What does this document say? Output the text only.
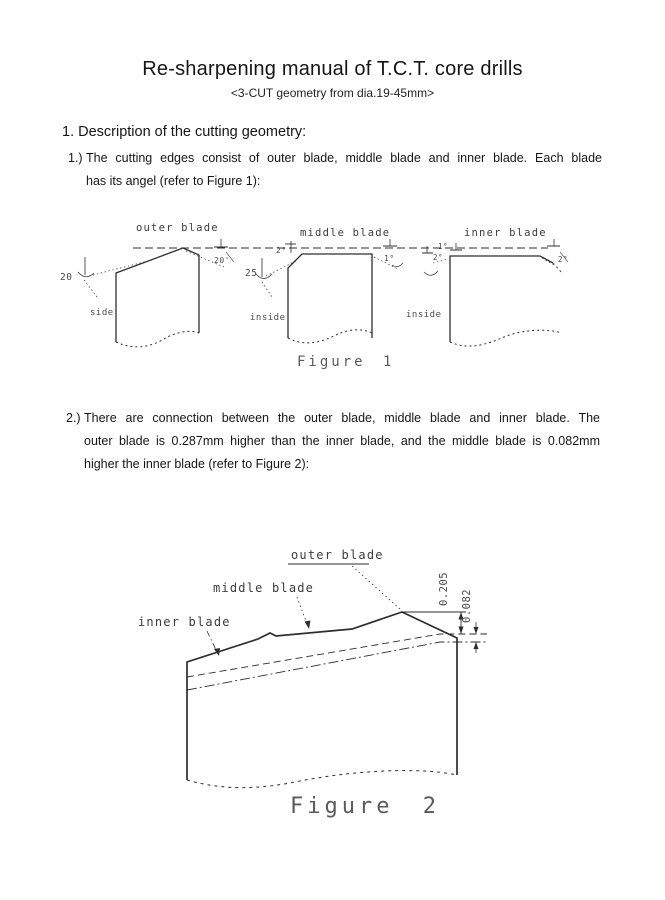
Re-sharpening manual of T.C.T. core drills
<3-CUT geometry from dia.19-45mm>
1. Description of the cutting geometry:
1.) The cutting edges consist of outer blade, middle blade and inner blade. Each blade
has its angel (refer to Figure 1):
2.) There are connection between the outer blade, middle blade and inner blade. The
outer blade is 0.287mm higher than the inner blade, and the middle blade is 0.082mm
higher the inner blade (refer to Figure 2):
outer blade
20
side
20'
middle blade
25
2°
1°
inside
inner blade
1°
2°	2°
inside
Figure 1
outer blade
middle blade
inner blade
0.205 0.082
Figure 2
